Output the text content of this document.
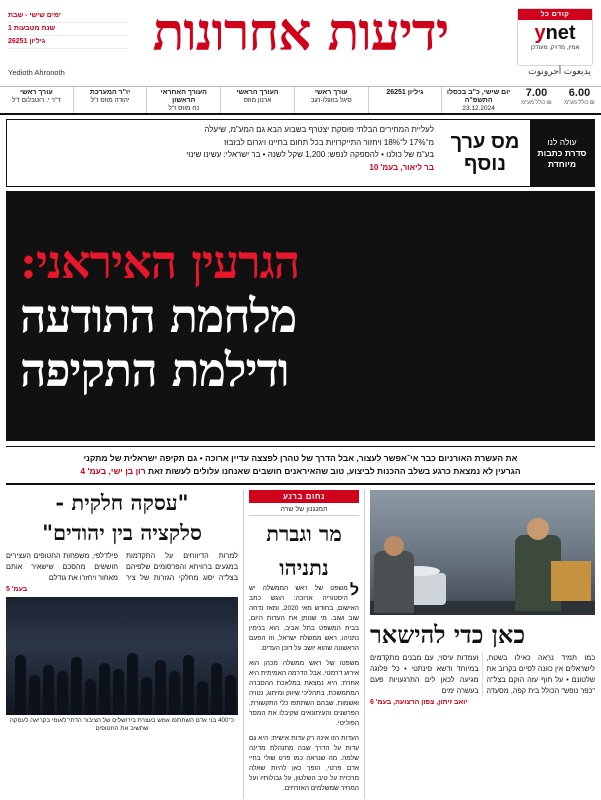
ידיעות אחרונות	קודם כל
ynet
אמין, מדויק, מעודכן
ימים שישי - שבת
שנת מטבעות 1
גיליון 26251
Yedioth Ahronoth	يديعوت أحرونوت
6.00
₪ כולל מע"מ
7.00
₪ כולל מע"מ
יום שישי, כ"ב בכסלו התשפ"ה
23.12.2024
גיליון 26251
עורך ראשי
סיגל בוזגלו-רגב
העורך הראשי
ארנון מוזס
העורך האחראי הראשון
נח מוזס ז"ל
יו"ר המערכת
יהודה מוזס ז"ל
עורך ראשי
ד"ר י. רוטבלום ז"ל
עולה לנו
סדרת כתבות מיוחדת
מס ערך
נוסף
לעליית המחירים הבלתי פוסקת יצטרף בשבוע הבא גם המע"מ, שיעלה
מ־17% ל־18% ויחזור התייקרויות בכל תחום בחיינו ויגרום לבזבוז
בע"מ של כולנו • להספקה לנפש: 1,200 שקל לשנה • בר ישראלי: עשינו שינוי
בר ליאור, בעמ' 10
הגרעין האיראני:
מלחמת התודעה
ודילמת התקיפה
את העשרת האורניום כבר אי־אפשר לעצור, אבל הדרך של טהרן לפצצה עדיין ארוכה • גם תקיפה ישראלית של מתקני
הגרעין לא נמצאת כרגע בשלב ההכנות לביצוע, טוב שהאיראנים חושבים שאנחנו עלולים לעשות זאת רון בן ישי, בעמ' 4
כאן כדי להישאר
כמו תמיד נראה כאילו בשטח, לישראלים אין כוונה לסיים בקרוב את שלטונם • על חוף עזה הוקם בצל"ה "כפר נופש" הכולל בית קפה, מסעדה ועמדות עיסוי, עם מבנים מתקדמים במיוחד ודשא סינתטי • כל פלוגה מגיעה לכאן לים התרגעויות פעם בעשרה ימים
יואב זיתון, צפון הרצועה, בעמ' 6
נחום ברנע
המנגנון של שרה
מר וגברת
נתניהו

למשפט של ראש הממשלה יש היסטוריה ארוכה: הוגש כתב האישום, בחודש מאי 2020, ומאז נדחה שוב ושוב. מי שנותן את העדות היום, בבית המשפט בתל אביב, הוא בנימין נתניהו, ראש ממשלת ישראל, וזו הפעם הראשונה שהוא יושב על דוכן העדים.

משפטו של ראש ממשלה מכהן הוא אירוע דרמטי, אבל הדרמה האמיתית היא אחרת: היא נמצאת במלאכת ההסברה המתמשכת, בתהליכי שיווק ומיתוג, נטויה ואשמות, שבהם השתתפו כלי התקשורת, הפרשנים והעיתונאים שקיבלו את המסר הפוליטי.

העדות הזו אינה רק עדות אישית: היא גם עדות על הדרך שבה מתנהלת מדינה שלמה. מה שנראה כמו פרט שולי בחיי אדם פרטי, הופך כאן להיות שאלה מרכזית על טיב השלטון, על גבולותיו ועל המחיר שמשלמים האזרחים.

"עסקה חלקית -
סלקציה בין יהודים"
למרות הדיווחים על התקדמות במגעים ברוויחא והפרסומים שלפיהם בצל"ה יסוג מחלקי הגזרות של ציר פילדלפי, משפחות החטופים העצירים חוששים מהסכם שישאיר אותם מאחור ויחזרו את גודלם
בעמ' 5
כ־400 בני אדם השתתפו אמש בעצרת בירושלים של הציבור הדתי־לאומי בקריאה לעסקה שתשיב את החטופים
